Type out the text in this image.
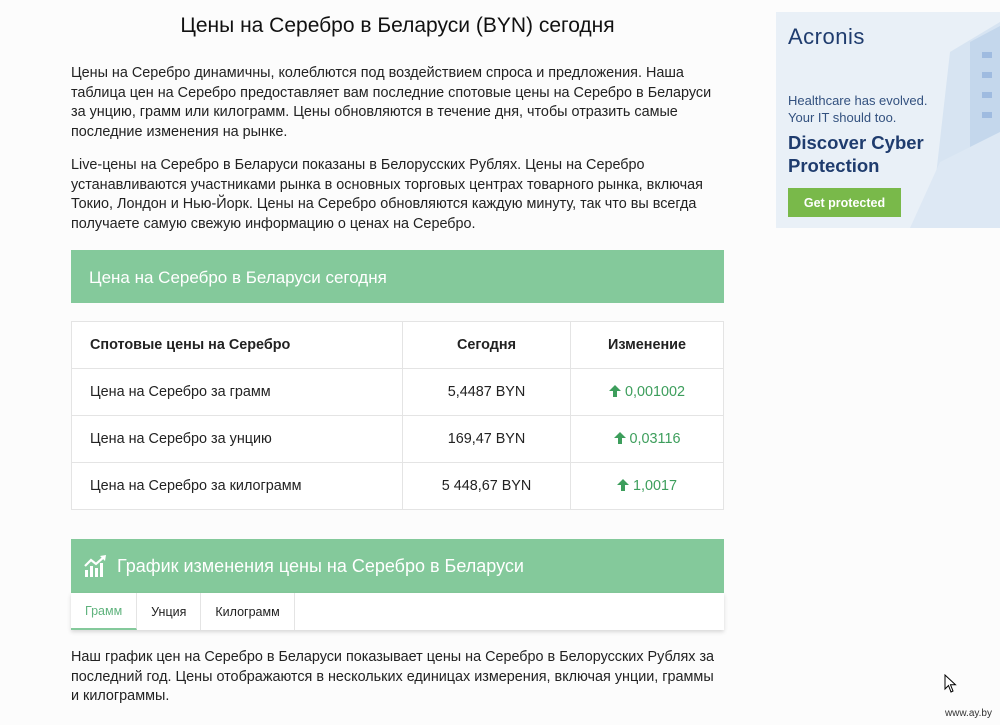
Цены на Серебро в Беларуси (BYN) сегодня

Цены на Серебро динамичны, колеблются под воздействием спроса и предложения. Наша таблица цен на Серебро предоставляет вам последние спотовые цены на Серебро в Беларуси за унцию, грамм или килограмм. Цены обновляются в течение дня, чтобы отразить самые последние изменения на рынке.

Live-цены на Серебро в Беларуси показаны в Белорусских Рублях. Цены на Серебро устанавливаются участниками рынка в основных торговых центрах товарного рынка, включая Токио, Лондон и Нью-Йорк. Цены на Серебро обновляются каждую минуту, так что вы всегда получаете самую свежую информацию о ценах на Серебро.

Цена на Серебро в Беларуси сегодня
Спотовые цены на Серебро	Сегодня	Изменение
Цена на Серебро за грамм	5,4487 BYN	0,001002
Цена на Серебро за унцию	169,47 BYN	0,03116
Цена на Серебро за килограмм	5 448,67 BYN	1,0017
График изменения цены на Серебро в Беларуси
Грамм	Унция	Килограмм

Наш график цен на Серебро в Беларуси показывает цены на Серебро в Белорусских Рублях за последний год. Цены отображаются в нескольких единицах измерения, включая унции, граммы и килограммы.

Acronis
Healthcare has evolved. Your IT should too.
Discover Cyber Protection
Get protected
www.ay.by
